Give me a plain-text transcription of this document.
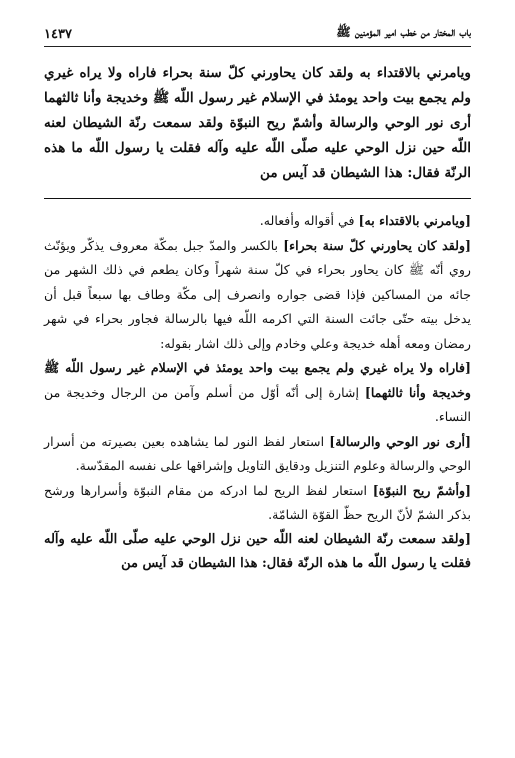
باب المختار من خطب امير المؤمنين ﷺ
١٤٣٧
ويامرني بالاقتداء به ولقد كان يحاورني كلّ سنة بحراء فاراه ولا يراه غيري ولم يجمع بيت واحد يومئذ في الإسلام غير رسول اللّه ﷺ وخديجة وأنا ثالثهما أرى نور الوحي والرسالة وأشمّ ريح النبوّة ولقد سمعت رنّة الشيطان لعنه اللّه حين نزل الوحي عليه صلّى اللّه عليه وآله فقلت يا رسول اللّه ما هذه الرنّة فقال: هذا الشيطان قد آيس من

[ويامرني بالاقتداء به] في أقواله وأفعاله.

[ولقد كان يحاورني كلّ سنة بحراء] بالكسر والمدّ جبل بمكّة معروف يذكّر ويؤنّث روي أنّه ﷺ كان يحاور بحراء في كلّ سنة شهراً وكان يطعم في ذلك الشهر من جائه من المساكين فإذا قضى جواره وانصرف إلى مكّة وطاف بها سبعاً قبل أن يدخل بيته حتّى جائت السنة التي اكرمه اللّه فيها بالرسالة فجاور بحراء في شهر رمضان ومعه أهله خديجة وعلي وخادم وإلى ذلك اشار بقوله:

[فاراه ولا يراه غيري ولم يجمع بيت واحد يومئذ في الإسلام غير رسول اللّه ﷺ وخديجة وأنا ثالثهما] إشارة إلى أنّه أوّل من أسلم وآمن من الرجال وخديجة من النساء.

[أرى نور الوحي والرسالة] استعار لفظ النور لما يشاهده بعين بصيرته من أسرار الوحي والرسالة وعلوم التنزيل ودقايق التاويل وإشراقها على نفسه المقدّسة.

[وأشمّ ريح النبوّة] استعار لفظ الريح لما ادركه من مقام النبوّة وأسرارها ورشح بذكر الشمّ لأنّ الريح حظّ القوّة الشامّة.

[ولقد سمعت رنّة الشيطان لعنه اللّه حين نزل الوحي عليه صلّى اللّه عليه وآله فقلت يا رسول اللّه ما هذه الرنّة فقال: هذا الشيطان قد آيس من
